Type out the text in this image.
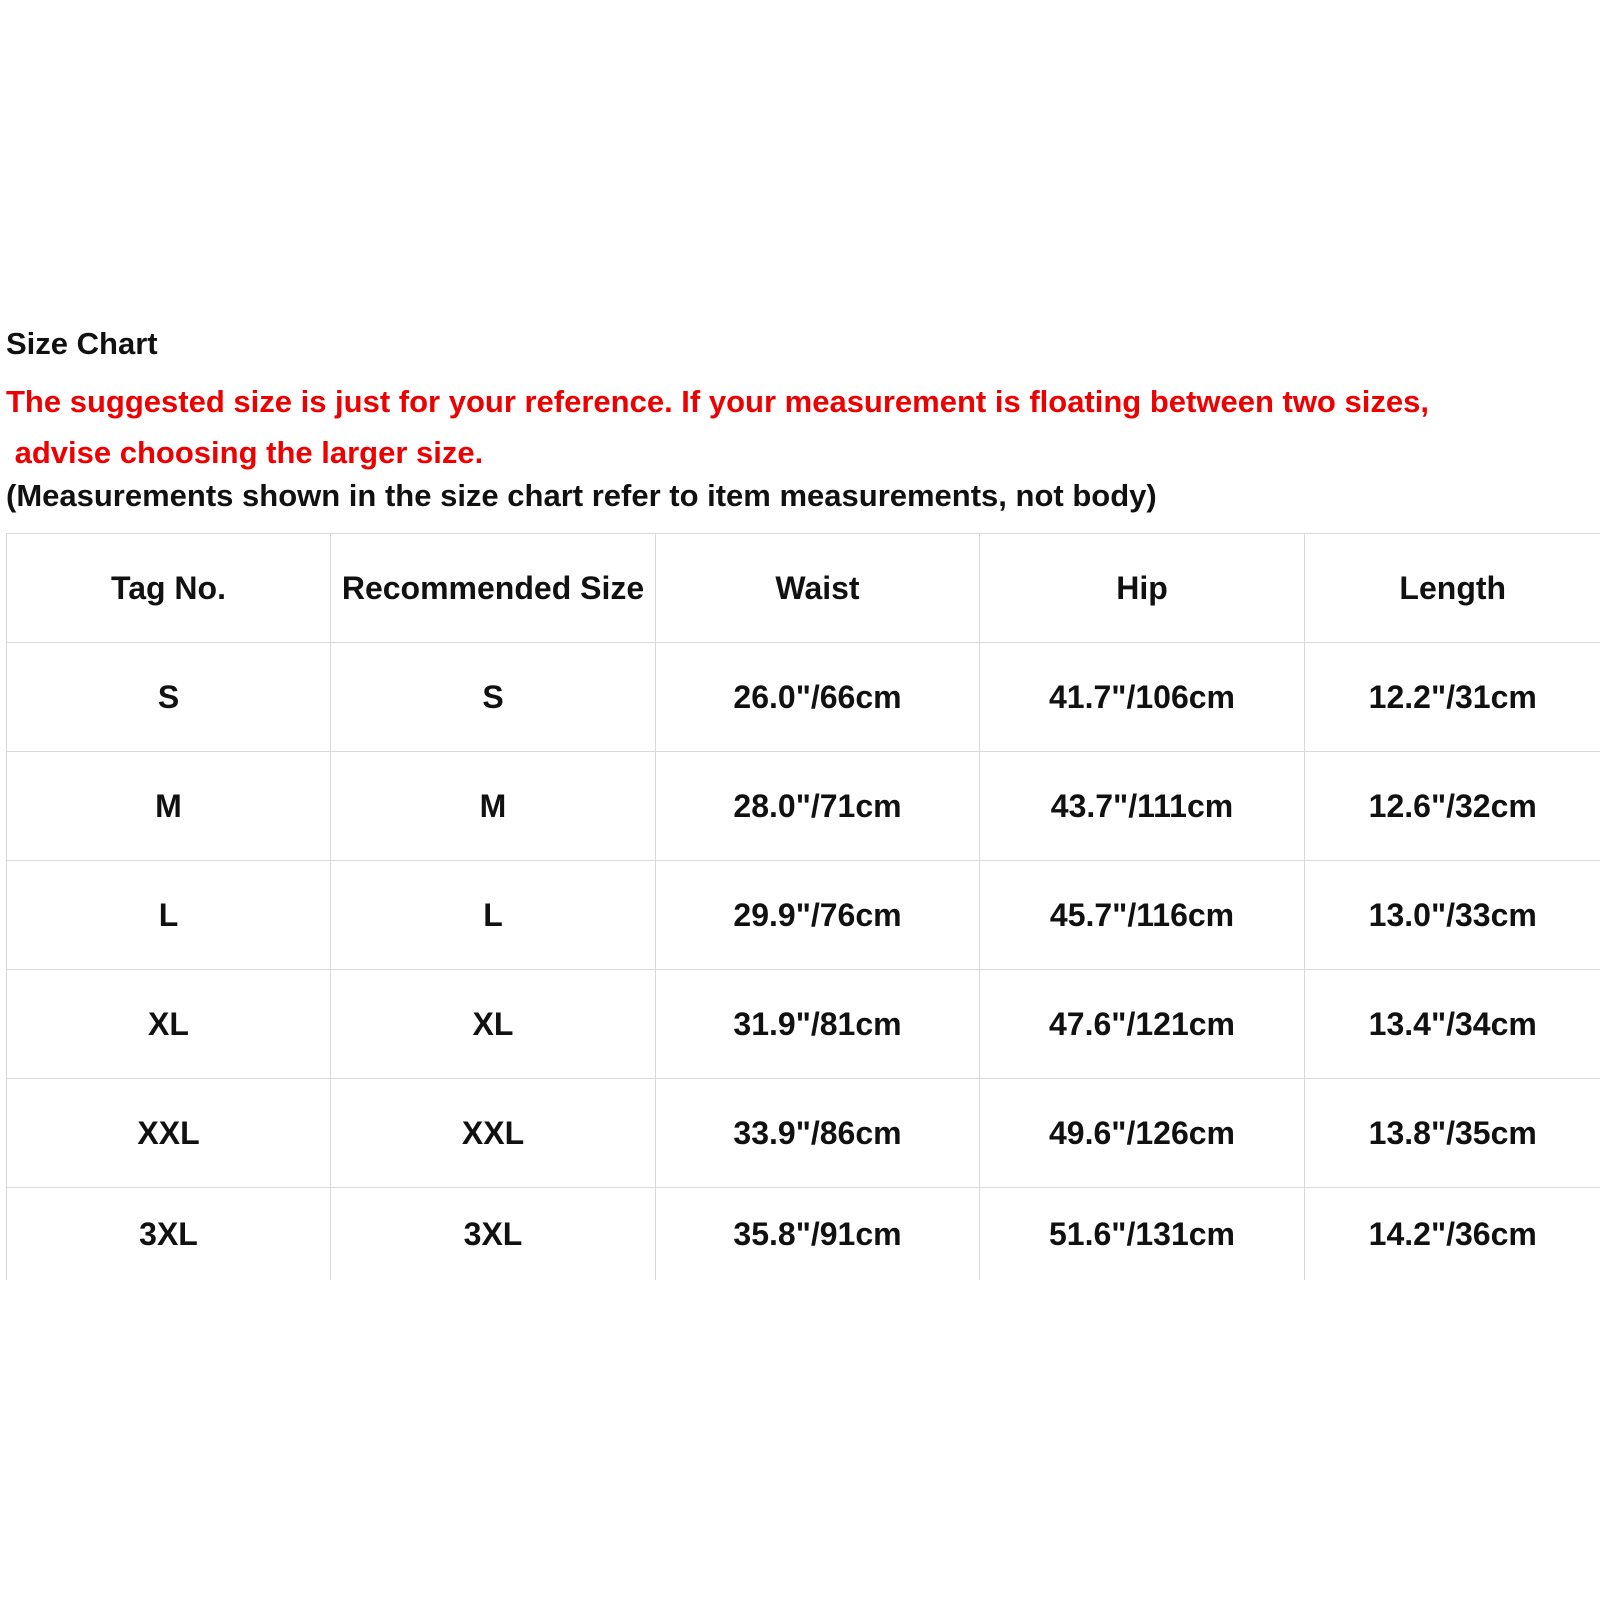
Size Chart
The suggested size is just for your reference. If your measurement is floating between two sizes,
advise choosing the larger size.
(Measurements shown in the size chart refer to item measurements, not body)
Tag No.	Recommended Size	Waist	Hip	Length
S	S	26.0"/66cm	41.7"/106cm	12.2"/31cm
M	M	28.0"/71cm	43.7"/111cm	12.6"/32cm
L	L	29.9"/76cm	45.7"/116cm	13.0"/33cm
XL	XL	31.9"/81cm	47.6"/121cm	13.4"/34cm
XXL	XXL	33.9"/86cm	49.6"/126cm	13.8"/35cm
3XL	3XL	35.8"/91cm	51.6"/131cm	14.2"/36cm
